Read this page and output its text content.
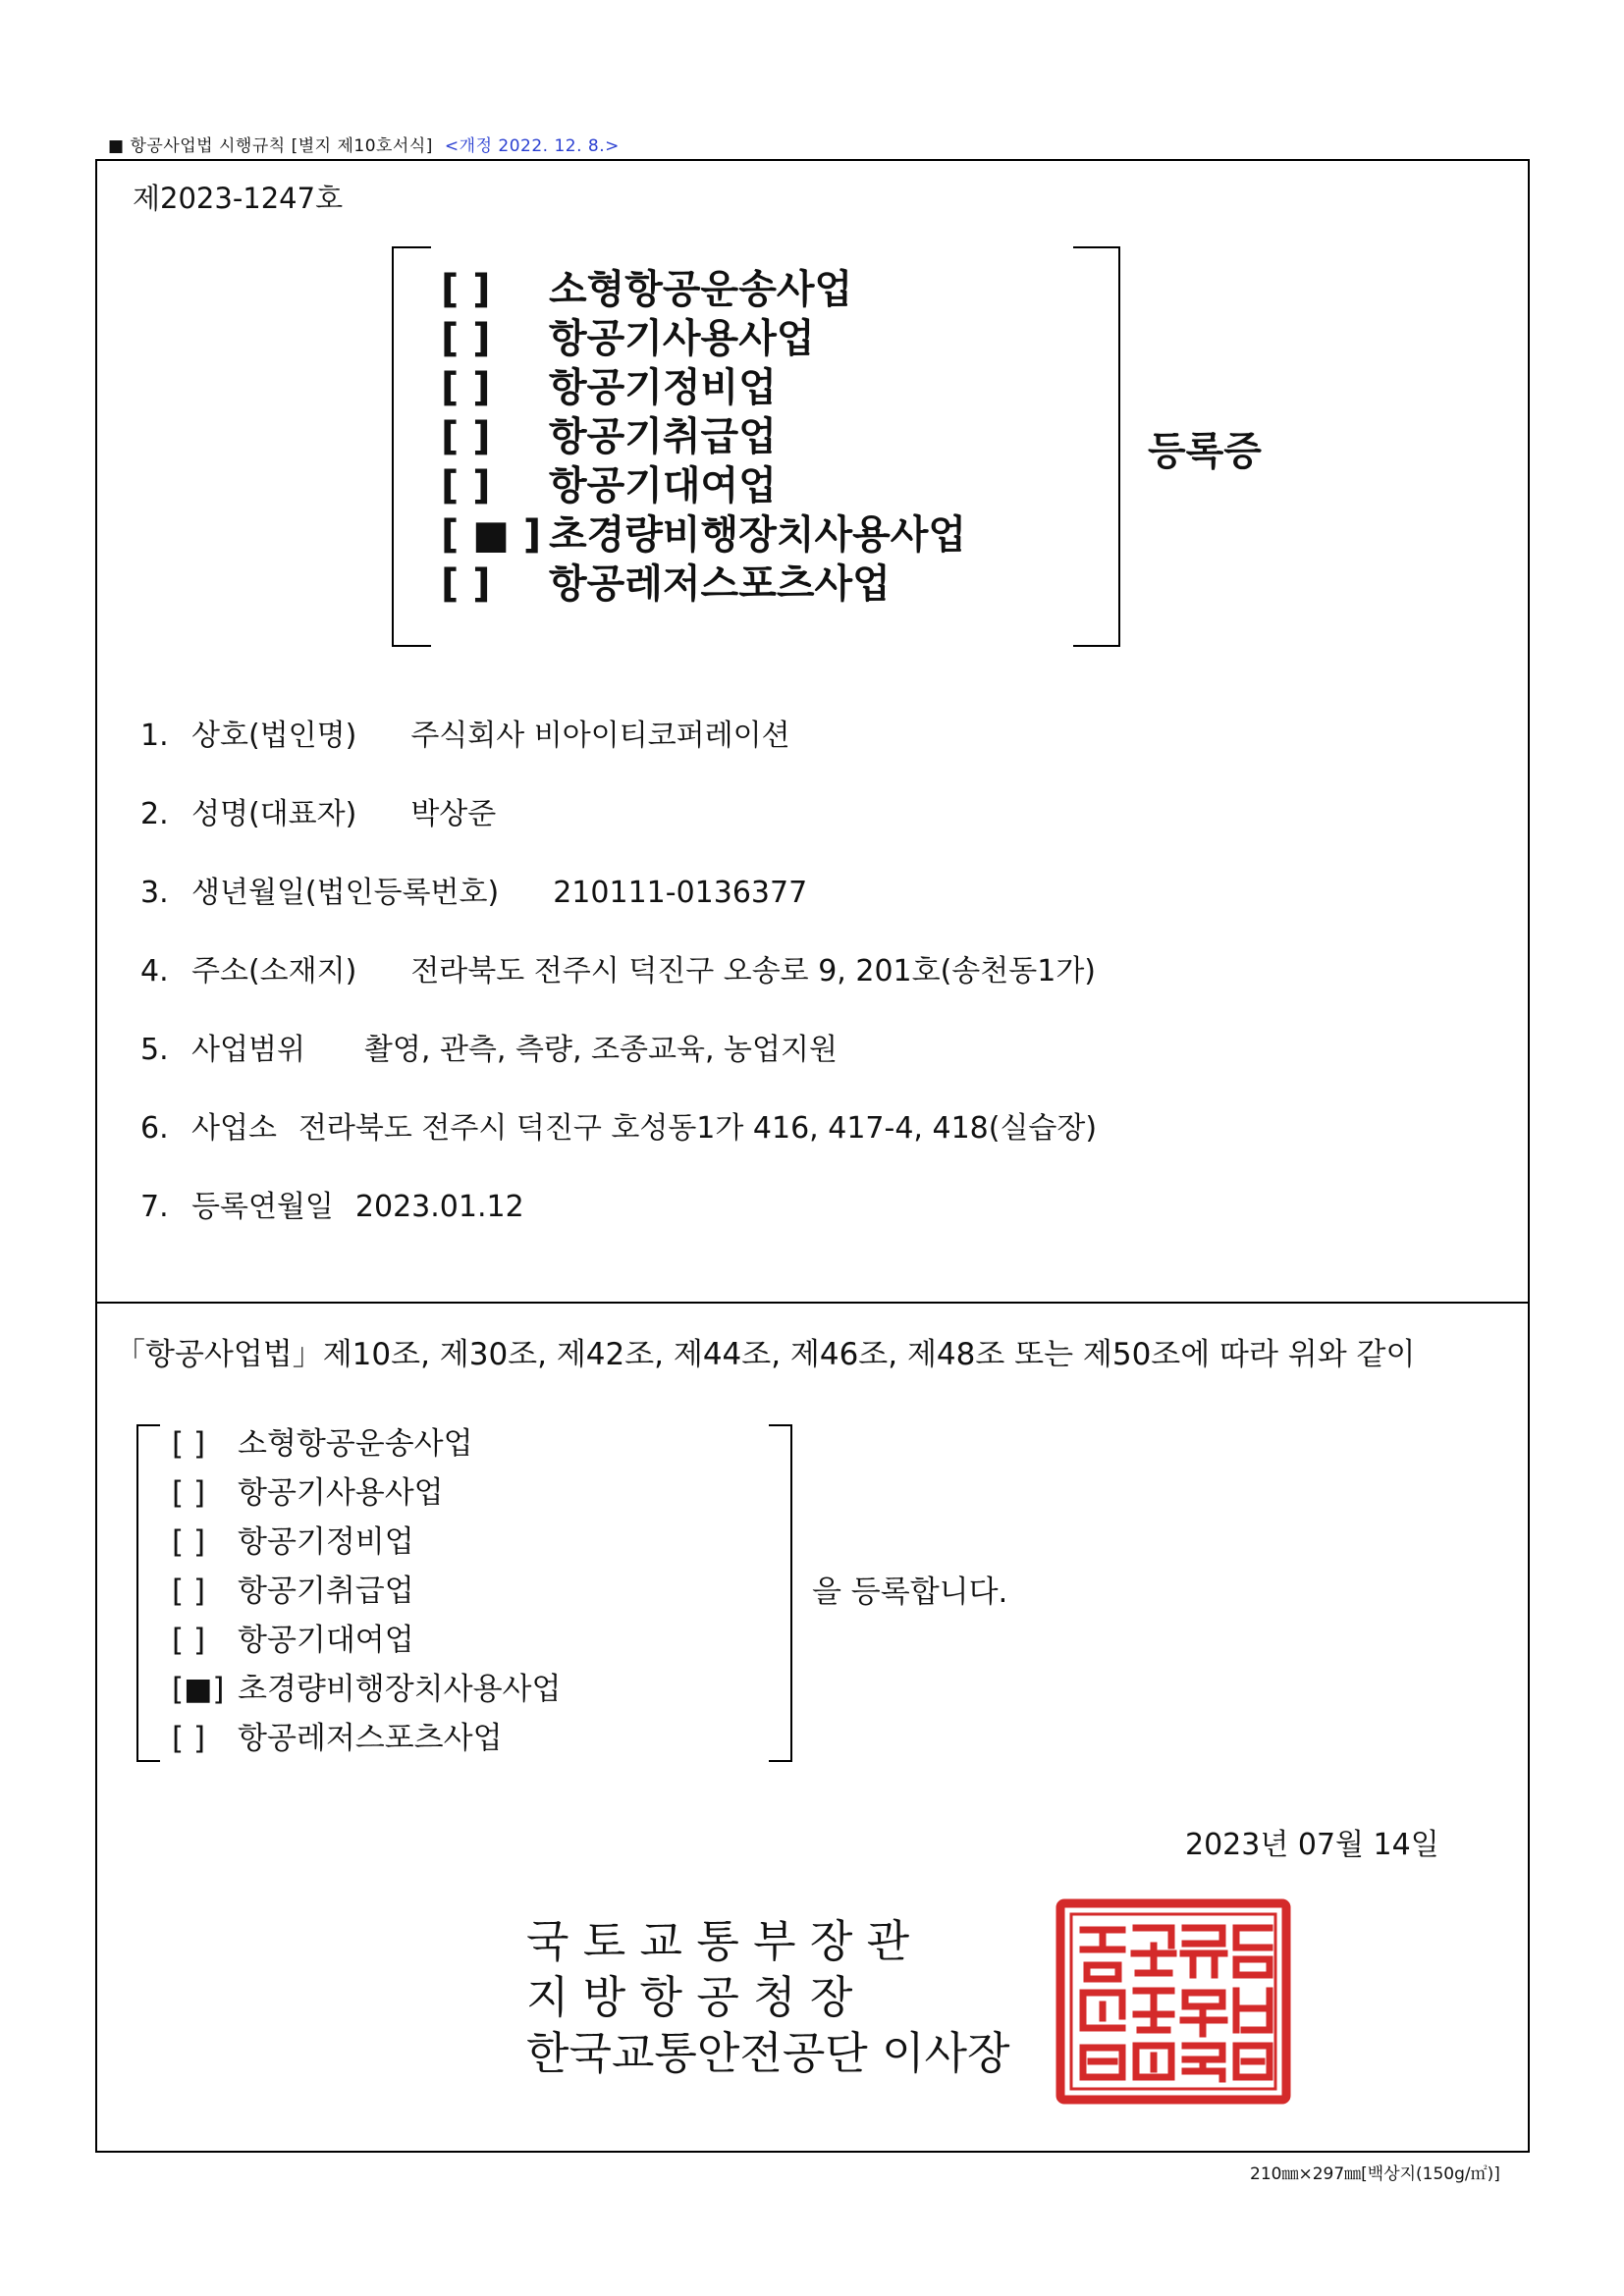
■ 항공사업법 시행규칙 [별지 제10호서식] <개정 2022. 12. 8.>
제2023-1247호
[ ] 소형항공운송사업
[ ] 항공기사용사업
[ ] 항공기정비업
[ ] 항공기취급업
[ ] 항공기대여업
[ ■ ] 초경량비행장치사용사업
[ ] 항공레저스포츠사업
등록증
1. 상호(법인명) 주식회사 비아이티코퍼레이션
2. 성명(대표자) 박상준
3. 생년월일(법인등록번호) 210111-0136377
4. 주소(소재지) 전라북도 전주시 덕진구 오송로 9, 201호(송천동1가)
5. 사업범위 촬영, 관측, 측량, 조종교육, 농업지원
6. 사업소 전라북도 전주시 덕진구 호성동1가 416, 417-4, 418(실습장)
7. 등록연월일 2023.01.12
「항공사업법」제10조, 제30조, 제42조, 제44조, 제46조, 제48조 또는 제50조에 따라 위와 같이
[ ] 소형항공운송사업
[ ] 항공기사용사업
[ ] 항공기정비업
[ ] 항공기취급업
[ ] 항공기대여업
[■] 초경량비행장치사용사업
[ ] 항공레저스포츠사업
을 등록합니다.
2023년 07월 14일
국 토 교 통 부 장 관
지 방 항 공 청 장
한국교통안전공단 이사장
210㎜×297㎜[백상지(150g/㎡)]
